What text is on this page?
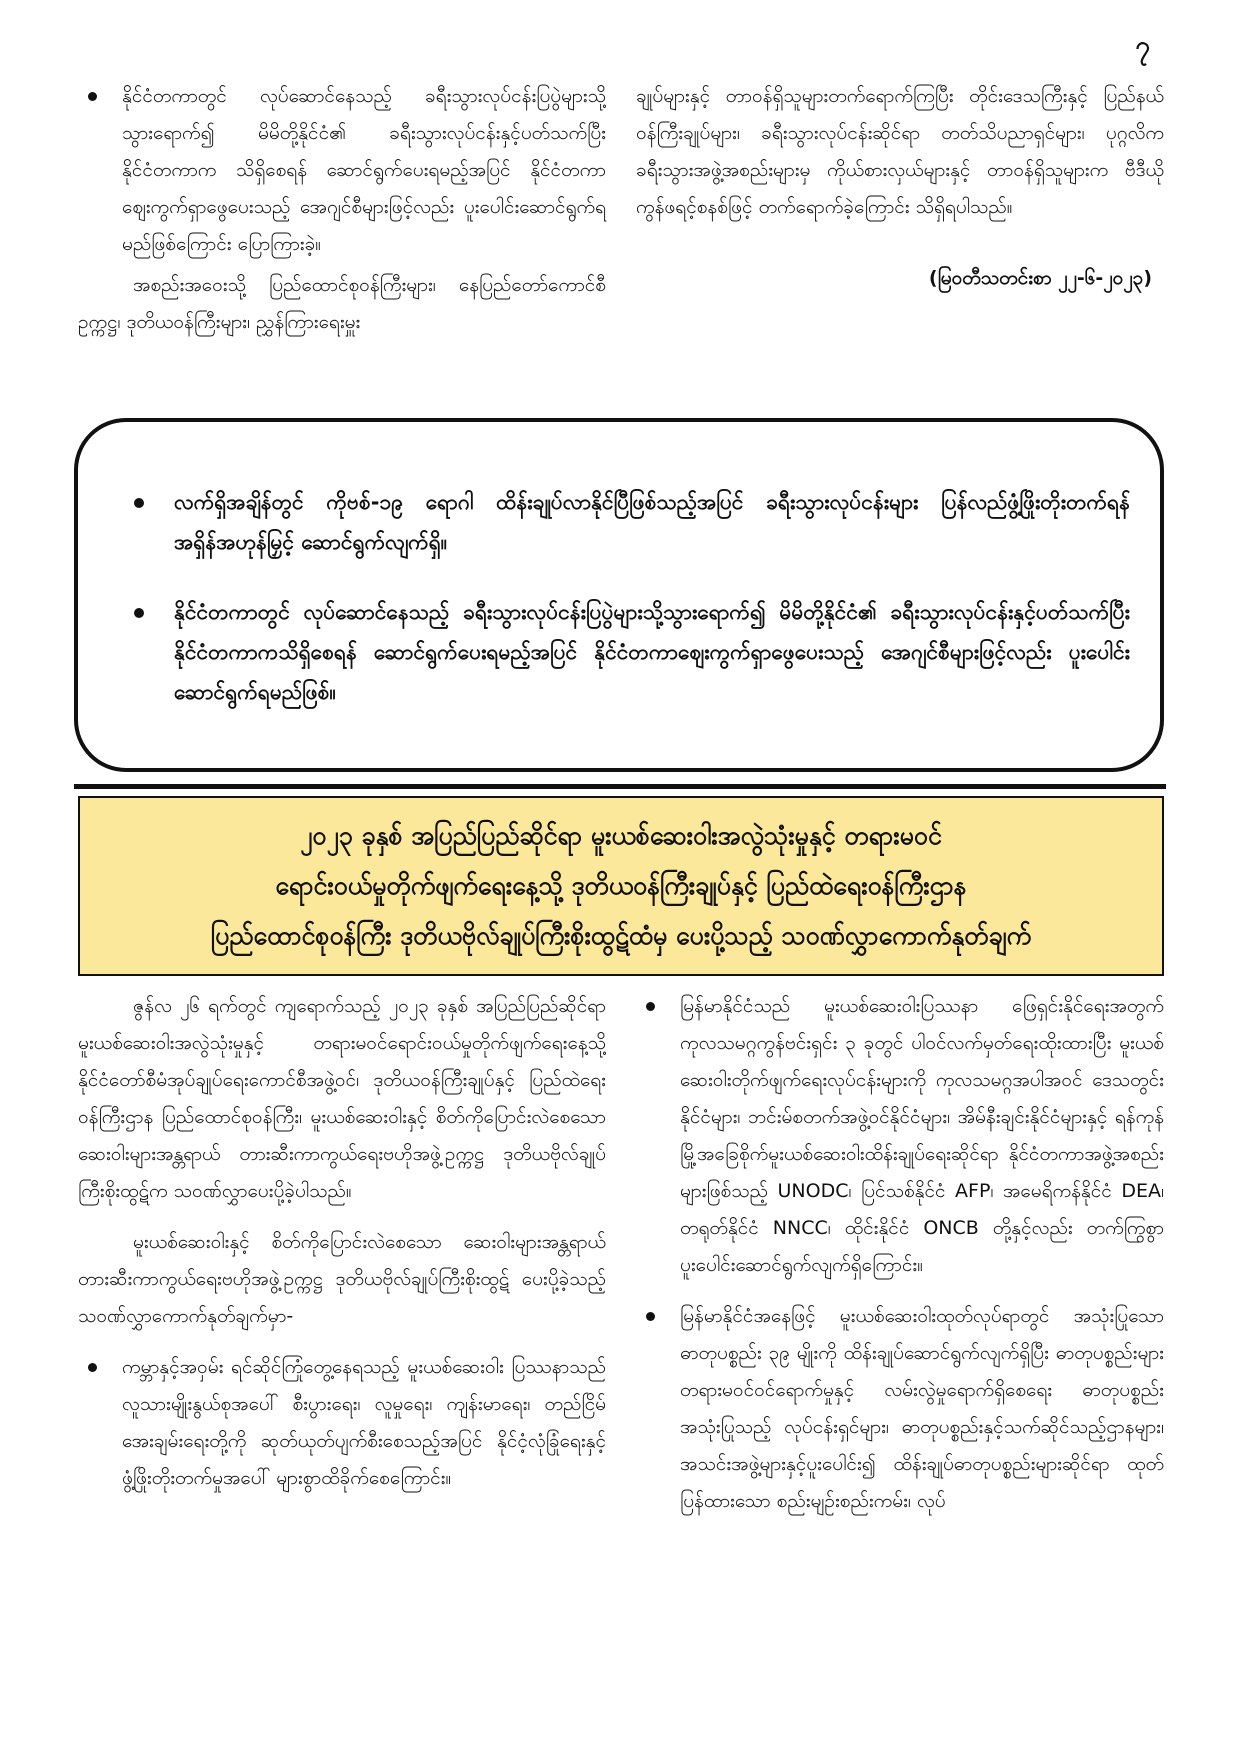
၇

နိုင်ငံတကာတွင် လုပ်ဆောင်နေသည့် ခရီးသွားလုပ်ငန်းပြပွဲများသို့ သွားရောက်၍ မိမိတို့နိုင်ငံ၏ ခရီးသွားလုပ်ငန်းနှင့်ပတ်သက်ပြီး နိုင်ငံတကာက သိရှိစေရန် ဆောင်ရွက်ပေးရမည့်အပြင် နိုင်ငံတကာဈေးကွက်ရှာဖွေပေးသည့် အေဂျင်စီများဖြင့်လည်း ပူးပေါင်းဆောင်ရွက်ရမည်ဖြစ်ကြောင်း ပြောကြားခဲ့။

အစည်းအဝေးသို့ ပြည်ထောင်စုဝန်ကြီးများ၊ နေပြည်တော်ကောင်စီဥက္ကဋ္ဌ၊ ဒုတိယဝန်ကြီးများ၊ ညွှန်ကြားရေးမှူး

ချုပ်များနှင့် တာဝန်ရှိသူများတက်ရောက်ကြပြီး တိုင်းဒေသကြီးနှင့် ပြည်နယ်ဝန်ကြီးချုပ်များ၊ ခရီးသွားလုပ်ငန်းဆိုင်ရာ တတ်သိပညာရှင်များ၊ ပုဂ္ဂလိကခရီးသွားအဖွဲ့အစည်းများမှ ကိုယ်စားလှယ်များနှင့် တာဝန်ရှိသူများက ဗီဒီယိုကွန်ဖရင့်စနစ်ဖြင့် တက်ရောက်ခဲ့ကြောင်း သိရှိရပါသည်။

(မြဝတီသတင်းစာ ၂၂-၆-၂၀၂၃)
လက်ရှိအချိန်တွင် ကိုဗစ်-၁၉ ရောဂါ ထိန်းချုပ်လာနိုင်ပြီဖြစ်သည့်အပြင် ခရီးသွားလုပ်ငန်းများ ပြန်လည်ဖွံ့ဖြိုးတိုးတက်ရန် အရှိန်အဟုန်မြှင့် ဆောင်ရွက်လျက်ရှိ။
နိုင်ငံတကာတွင် လုပ်ဆောင်နေသည့် ခရီးသွားလုပ်ငန်းပြပွဲများသို့သွားရောက်၍ မိမိတို့နိုင်ငံ၏ ခရီးသွားလုပ်ငန်းနှင့်ပတ်သက်ပြီး နိုင်ငံတကာကသိရှိစေရန် ဆောင်ရွက်ပေးရမည့်အပြင် နိုင်ငံတကာဈေးကွက်ရှာဖွေပေးသည့် အေဂျင်စီများဖြင့်လည်း ပူးပေါင်းဆောင်ရွက်ရမည်ဖြစ်။
၂၀၂၃ ခုနှစ် အပြည်ပြည်ဆိုင်ရာ မူးယစ်ဆေးဝါးအလွဲသုံးမှုနှင့် တရားမဝင်
ရောင်းဝယ်မှုတိုက်ဖျက်ရေးနေ့သို့ ဒုတိယဝန်ကြီးချုပ်နှင့် ပြည်ထဲရေးဝန်ကြီးဌာန
ပြည်ထောင်စုဝန်ကြီး ဒုတိယဗိုလ်ချုပ်ကြီးစိုးထွဋ်ထံမှ ပေးပို့သည့် သဝဏ်လွှာကောက်နုတ်ချက်

ဇွန်လ ၂၆ ရက်တွင် ကျရောက်သည့် ၂၀၂၃ ခုနှစ် အပြည်ပြည်ဆိုင်ရာ မူးယစ်ဆေးဝါးအလွဲသုံးမှုနှင့် တရားမဝင်ရောင်းဝယ်မှုတိုက်ဖျက်ရေးနေ့သို့ နိုင်ငံတော်စီမံအုပ်ချုပ်ရေးကောင်စီအဖွဲ့ဝင်၊ ဒုတိယဝန်ကြီးချုပ်နှင့် ပြည်ထဲရေးဝန်ကြီးဌာန ပြည်ထောင်စုဝန်ကြီး၊ မူးယစ်ဆေးဝါးနှင့် စိတ်ကိုပြောင်းလဲစေသော ဆေးဝါးများအန္တရာယ် တားဆီးကာကွယ်ရေးဗဟိုအဖွဲ့ဥက္ကဋ္ဌ ဒုတိယဗိုလ်ချုပ်ကြီးစိုးထွဋ်က သဝဏ်လွှာပေးပို့ခဲ့ပါသည်။

မူးယစ်ဆေးဝါးနှင့် စိတ်ကိုပြောင်းလဲစေသော ဆေးဝါးများအန္တရာယ် တားဆီးကာကွယ်ရေးဗဟိုအဖွဲ့ဥက္ကဋ္ဌ ဒုတိယဗိုလ်ချုပ်ကြီးစိုးထွဋ် ပေးပို့ခဲ့သည့် သဝဏ်လွှာကောက်နုတ်ချက်မှာ-

ကမ္ဘာနှင့်အဝှမ်း ရင်ဆိုင်ကြုံတွေ့နေရသည့် မူးယစ်ဆေးဝါး ပြဿနာသည် လူသားမျိုးနွယ်စုအပေါ် စီးပွားရေး၊ လူမှုရေး၊ ကျန်းမာရေး၊ တည်ငြိမ်အေးချမ်းရေးတို့ကို ဆုတ်ယုတ်ပျက်စီးစေသည့်အပြင် နိုင်ငံ့လုံခြုံရေးနှင့် ဖွံ့ဖြိုးတိုးတက်မှုအပေါ် များစွာထိခိုက်စေကြောင်း။

မြန်မာနိုင်ငံသည် မူးယစ်ဆေးဝါးပြဿနာ ဖြေရှင်းနိုင်ရေးအတွက် ကုလသမဂ္ဂကွန်ဗင်းရှင်း ၃ ခုတွင် ပါဝင်လက်မှတ်ရေးထိုးထားပြီး မူးယစ်ဆေးဝါးတိုက်ဖျက်ရေးလုပ်ငန်းများကို ကုလသမဂ္ဂအပါအဝင် ဒေသတွင်းနိုင်ငံများ၊ ဘင်းမ်စတက်အဖွဲ့ဝင်နိုင်ငံများ၊ အိမ်နီးချင်းနိုင်ငံများနှင့် ရန်ကုန်မြို့အခြေစိုက်မူးယစ်ဆေးဝါးထိန်းချုပ်ရေးဆိုင်ရာ နိုင်ငံတကာအဖွဲ့အစည်းများဖြစ်သည့် UNODC၊ ပြင်သစ်နိုင်ငံ AFP၊ အမေရိကန်နိုင်ငံ DEA၊ တရုတ်နိုင်ငံ NNCC၊ ထိုင်းနိုင်ငံ ONCB တို့နှင့်လည်း တက်ကြွစွာ ပူးပေါင်းဆောင်ရွက်လျက်ရှိကြောင်း။

မြန်မာနိုင်ငံအနေဖြင့် မူးယစ်ဆေးဝါးထုတ်လုပ်ရာတွင် အသုံးပြုသော ဓာတုပစ္စည်း ၃၉ မျိုးကို ထိန်းချုပ်ဆောင်ရွက်လျက်ရှိပြီး ဓာတုပစ္စည်းများ တရားမဝင်ဝင်ရောက်မှုနှင့် လမ်းလွဲမှုရောက်ရှိစေရေး ဓာတုပစ္စည်းအသုံးပြုသည့် လုပ်ငန်းရှင်များ၊ ဓာတုပစ္စည်းနှင့်သက်ဆိုင်သည့်ဌာနများ၊ အသင်းအဖွဲ့များနှင့်ပူးပေါင်း၍ ထိန်းချုပ်ဓာတုပစ္စည်းများဆိုင်ရာ ထုတ်ပြန်ထားသော စည်းမျဉ်းစည်းကမ်း၊ လုပ်
